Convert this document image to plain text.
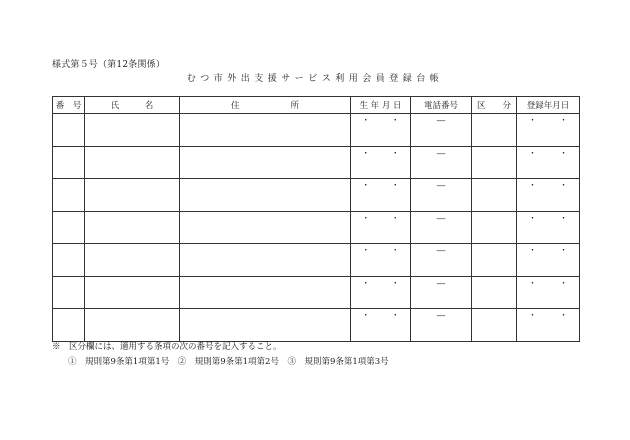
様式第５号（第12条関係）
むつ市外出支援サービス利用会員登録台帳
番　号	氏　　　名	住　　　　　　所	生 年 月 日	電話番号	区　　分	登録年月日

			・ ・	―		・ ・

			・ ・	―		・ ・

			・ ・	―		・ ・

			・ ・	―		・ ・

			・ ・	―		・ ・

			・ ・	―		・ ・

			・ ・	―		・ ・
※　区分欄には、適用する条項の次の番号を記入すること。
①　規則第9条第1項第1号　②　規則第9条第1項第2号　③　規則第9条第1項第3号
